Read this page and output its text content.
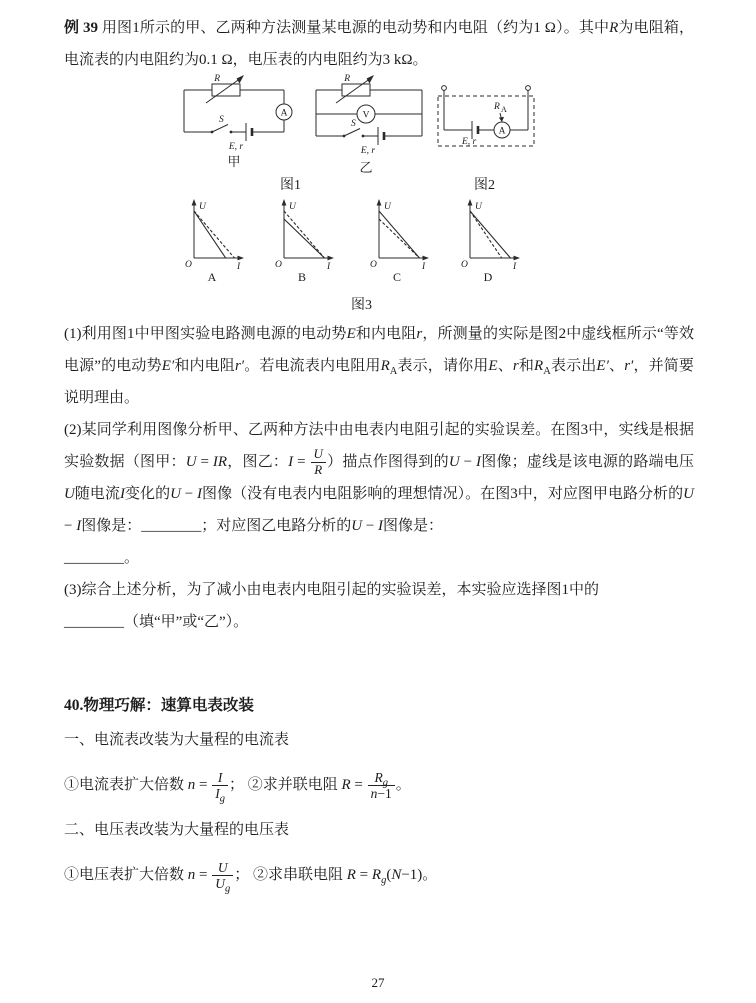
例 39 用图1所示的甲、乙两种方法测量某电源的电动势和内电阻（约为1 Ω）。其中R为电阻箱，电流表的内电阻约为0.1 Ω，电压表的内电阻约为3 kΩ。

R
A
S
E, r
甲
R
V
S
E, r
乙
A
E, r
R A
图1	图2
U
I
O
A
U
I
O
B
U
I
O
C
U
I
O
D
图3

(1)利用图1中甲图实验电路测电源的电动势E和内电阻r，所测量的实际是图2中虚线框所示“等效电源”的电动势E′和内电阻r′。若电流表内电阻用$R_A$表示，请你用E、r和$R_A$表示出E′、r′，并简要说明理由。

(2)某同学利用图像分析甲、乙两种方法中由电表内电阻引起的实验误差。在图3中，实线是根据实验数据（图甲：U = IR，图乙：$I = \frac{U}{R}$ ）描点作图得到的U − I图像；虚线是该电源的路端电压U随电流I变化的U − I图像（没有电表内电阻影响的理想情况）。在图3中，对应图甲电路分析的U − I图像是：________；对应图乙电路分析的U − I图像是：

________。

(3)综合上述分析，为了减小由电表内电阻引起的实验误差，本实验应选择图1中的

________（填“甲”或“乙”）。

40.物理巧解：速算电表改装

一、电流表改装为大量程的电流表

①电流表扩大倍数 $n = \frac{I}{I_g}$ ； ②求并联电阻 $R = \frac{R_g}{n-1}$ 。

二、电压表改装为大量程的电压表

①电压表扩大倍数 $n = \frac{U}{U_g}$ ； ②求串联电阻 $R = R_g(N-1)$。

27
